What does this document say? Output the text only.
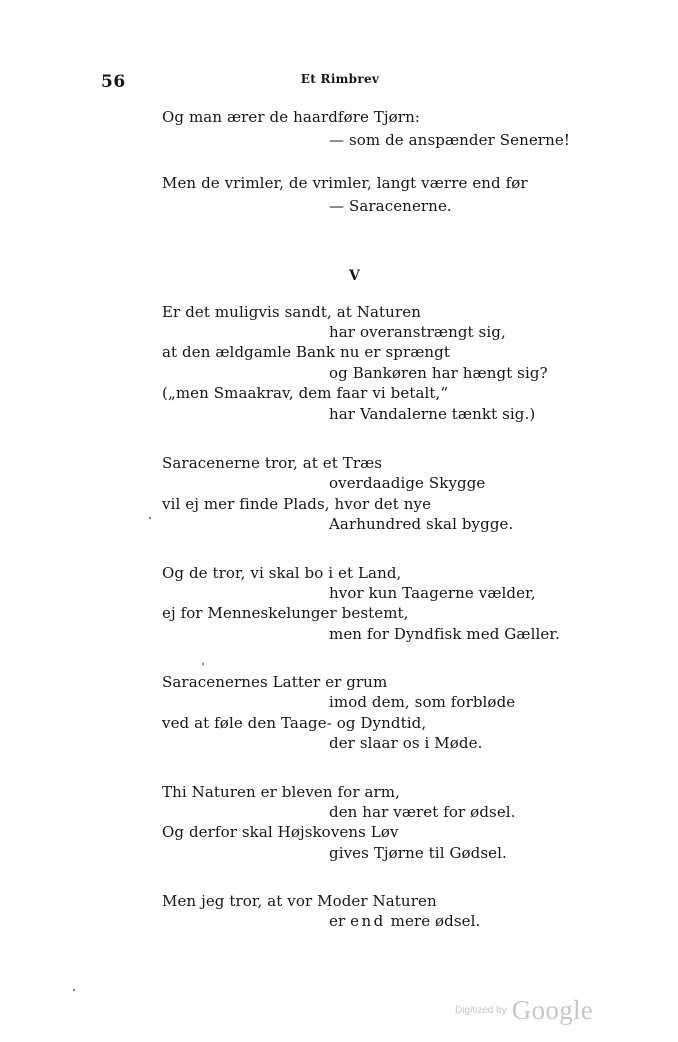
56	Et Rimbrev
Og man ærer de haardføre Tjørn:
— som de anspænder Senerne!
Men de vrimler, de vrimler, langt værre end før
— Saracenerne.
V
Er det muligvis sandt, at Naturen
har overanstrængt sig,
at den ældgamle Bank nu er sprængt
og Bankøren har hængt sig?
(„men Smaakrav, dem faar vi betalt,“
har Vandalerne tænkt sig.)
Saracenerne tror, at et Træs
overdaadige Skygge
vil ej mer finde Plads, hvor det nye
Aarhundred skal bygge.
Og de tror, vi skal bo i et Land,
hvor kun Taagerne vælder,
ej for Menneskelunger bestemt,
men for Dyndfisk med Gæller.
Saracenernes Latter er grum
imod dem, som forbløde
ved at føle den Taage- og Dyndtid,
der slaar os i Møde.
Thi Naturen er bleven for arm,
den har været for ødsel.
Og derfor skal Højskovens Løv
gives Tjørne til Gødsel.
Men jeg tror, at vor Moder Naturen
er end mere ødsel.
Digitized by Google
